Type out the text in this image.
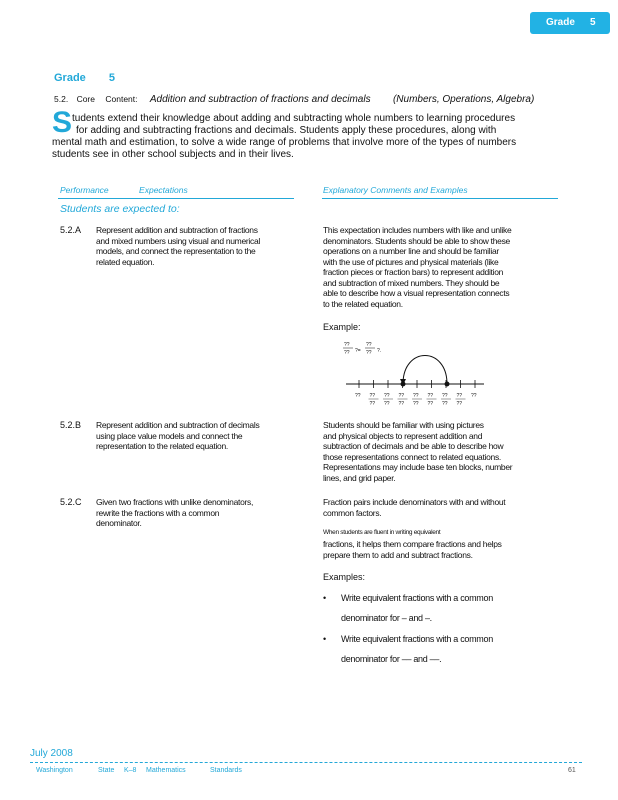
Grade 5
Grade 5
5.2. Core Content: Addition and subtraction of fractions and decimals (Numbers, Operations, Algebra)
S tudents extend their knowledge about adding and subtracting whole numbers to learning procedures

for adding and subtracting fractions and decimals. Students apply these procedures, along with

mental math and estimation, to solve a wide range of problems that involve more of the types of numbers

students see in other school subjects and in their lives.

Performance	Expectations	Explanatory Comments and Examples
Students are expected to:
5.2.A Represent addition and subtraction of fractions
and mixed numbers using visual and numerical
models, and connect the representation to the
related equation.
This expectation includes numbers with like and unlike
denominators. Students should be able to show these
operations on a number line and should be familiar
with the use of pictures and physical materials (like
fraction pieces or fraction bars) to represent addition
and subtraction of mixed numbers. They should be
able to describe how a visual representation connects
to the related equation.
Example:
??
?? ?=
??
?? ?.
?? ??
??
??
??
??
??
??
??
??
??
??
??
??
??
??
5.2.B Represent addition and subtraction of decimals
using place value models and connect the
representation to the related equation.
Students should be familiar with using pictures
and physical objects to represent addition and
subtraction of decimals and be able to describe how
those representations connect to related equations.
Representations may include base ten blocks, number
lines, and grid paper.
5.2.C Given two fractions with unlike denominators,
rewrite the fractions with a common
denominator.
Fraction pairs include denominators with and without
common factors.
When students are fluent in writing equivalent
fractions, it helps them compare fractions and helps
prepare them to add and subtract fractions.
Examples:
• Write equivalent fractions with a common
denominator for – and –.
• Write equivalent fractions with a common
denominator for –– and ––.
July 2008
Washington	State K–8 Mathematics	Standards	61
